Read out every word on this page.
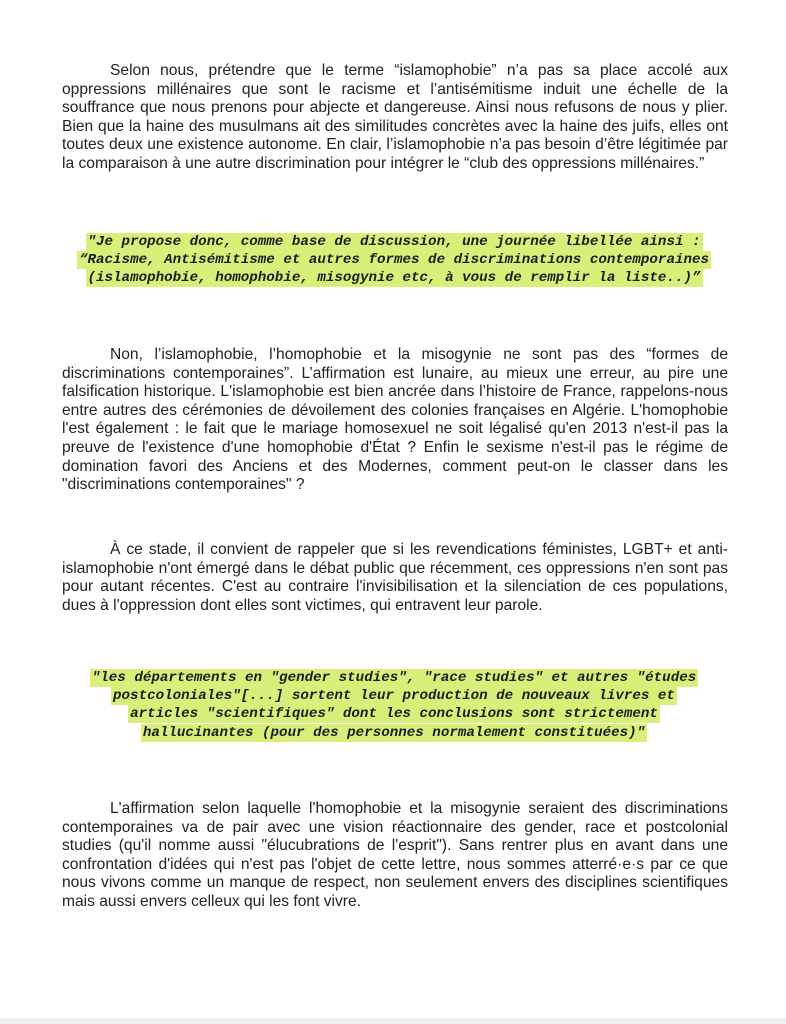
Selon nous, prétendre que le terme “islamophobie” n’a pas sa place accolé aux oppressions millénaires que sont le racisme et l’antisémitisme induit une échelle de la souffrance que nous prenons pour abjecte et dangereuse. Ainsi nous refusons de nous y plier. Bien que la haine des musulmans ait des similitudes concrètes avec la haine des juifs, elles ont toutes deux une existence autonome. En clair, l’islamophobie n’a pas besoin d’être légitimée par la comparaison à une autre discrimination pour intégrer le “club des oppressions millénaires.”

"Je propose donc, comme base de discussion, une journée libellée ainsi : “Racisme, Antisémitisme et autres formes de discriminations contemporaines (islamophobie, homophobie, misogynie etc, à vous de remplir la liste..)”

Non, l’islamophobie, l’homophobie et la misogynie ne sont pas des “formes de discriminations contemporaines”. L’affirmation est lunaire, au mieux une erreur, au pire une falsification historique. L'islamophobie est bien ancrée dans l’histoire de France, rappelons-nous entre autres des cérémonies de dévoilement des colonies françaises en Algérie. L'homophobie l'est également : le fait que le mariage homosexuel ne soit légalisé qu'en 2013 n'est-il pas la preuve de l'existence d'une homophobie d'État ? Enfin le sexisme n'est-il pas le régime de domination favori des Anciens et des Modernes, comment peut-on le classer dans les "discriminations contemporaines" ?

À ce stade, il convient de rappeler que si les revendications féministes, LGBT+ et anti-islamophobie n'ont émergé dans le débat public que récemment, ces oppressions n'en sont pas pour autant récentes. C'est au contraire l'invisibilisation et la silenciation de ces populations, dues à l'oppression dont elles sont victimes, qui entravent leur parole.

"les départements en "gender studies", "race studies" et autres "études postcoloniales"[...] sortent leur production de nouveaux livres et articles "scientifiques" dont les conclusions sont strictement hallucinantes (pour des personnes normalement constituées)"

L'affirmation selon laquelle l'homophobie et la misogynie seraient des discriminations contemporaines va de pair avec une vision réactionnaire des gender, race et postcolonial studies (qu'il nomme aussi "élucubrations de l'esprit"). Sans rentrer plus en avant dans une confrontation d'idées qui n'est pas l'objet de cette lettre, nous sommes atterré·e·s par ce que nous vivons comme un manque de respect, non seulement envers des disciplines scientifiques mais aussi envers celleux qui les font vivre.
